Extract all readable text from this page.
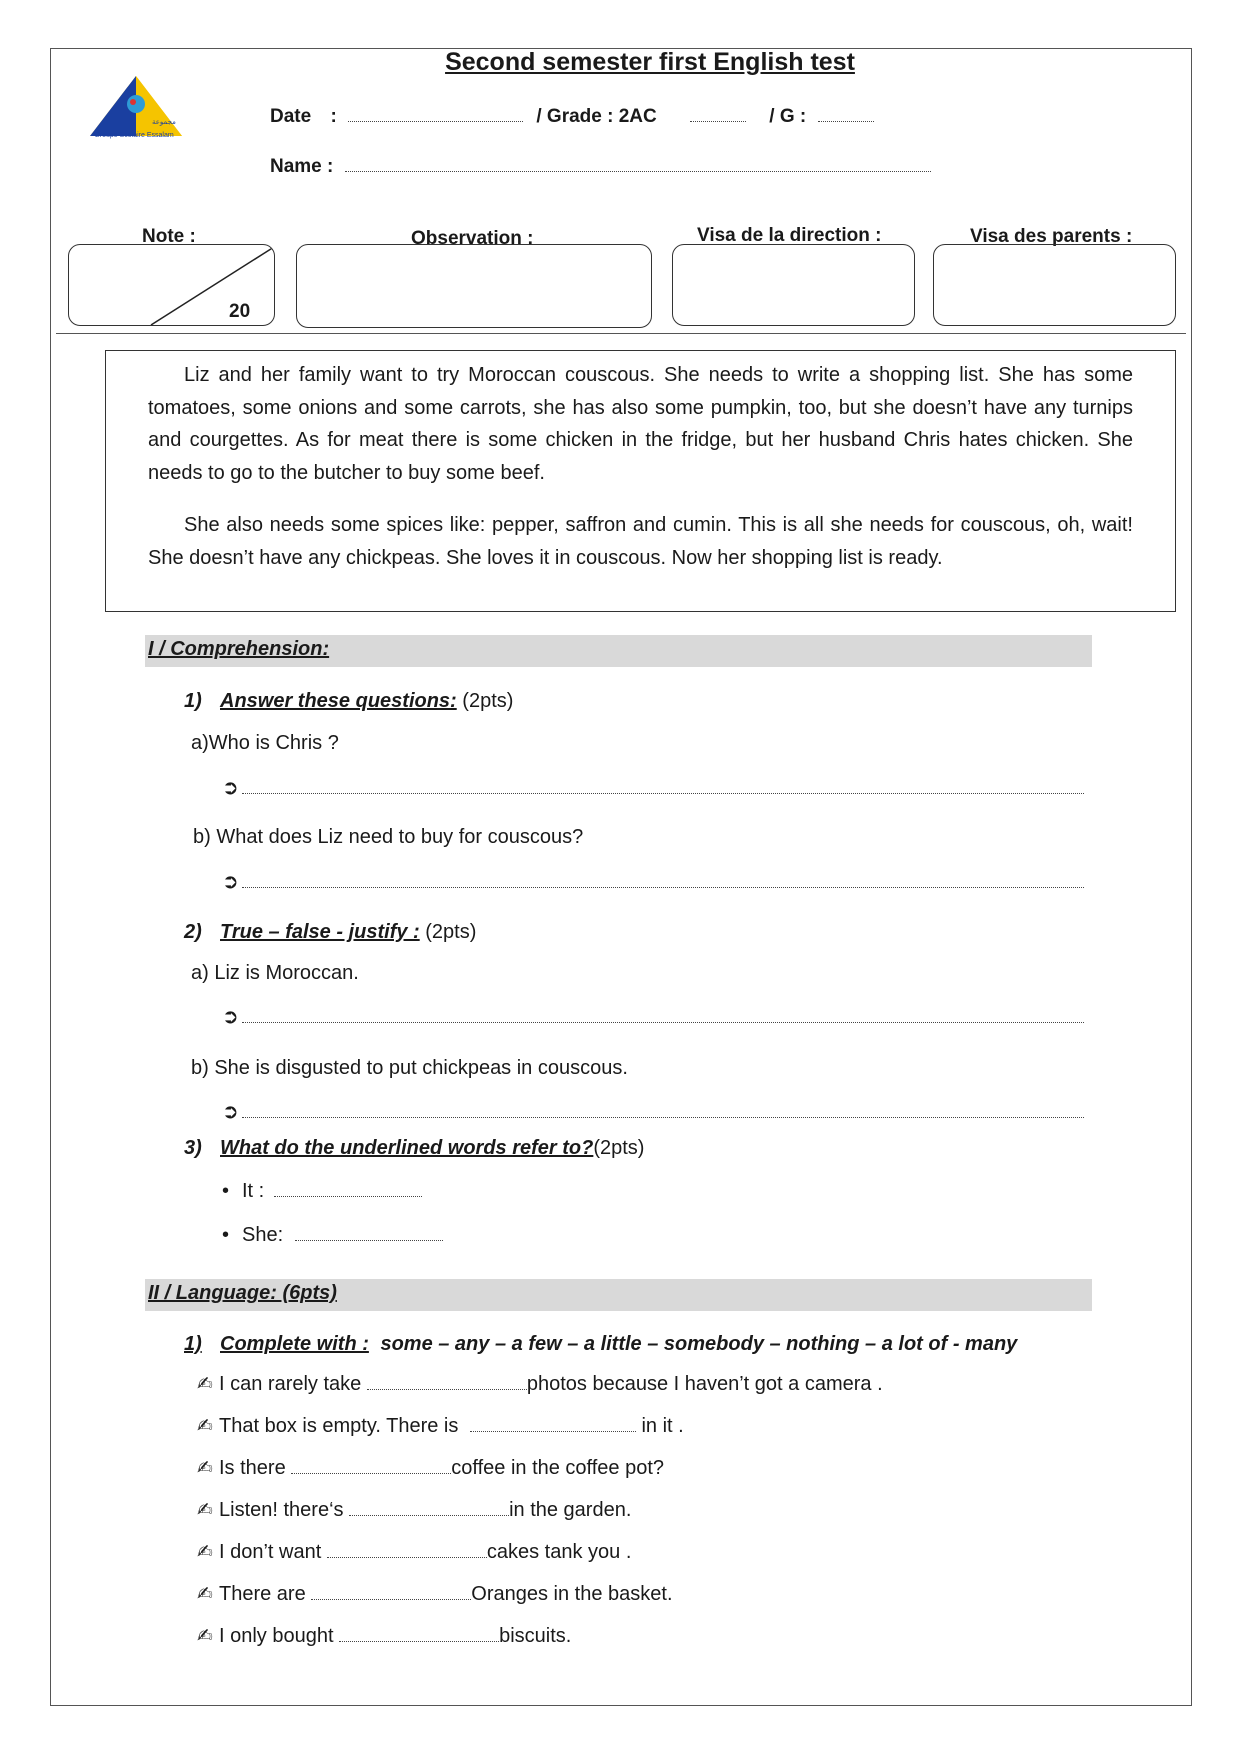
Second semester first English test
مجموعة
Groupe Scolaire Essalam
Date :	/ Grade : 2AC	/ G :
Name :
Note :	Observation :	Visa de la direction :	Visa des parents :
20

Liz and her family want to try Moroccan couscous. She needs to write a shopping list. She has some tomatoes, some onions and some carrots, she has also some pumpkin, too, but she doesn’t have any turnips and courgettes. As for meat there is some chicken in the fridge, but her husband Chris hates chicken. She needs to go to the butcher to buy some beef.

She also needs some spices like: pepper, saffron and cumin. This is all she needs for couscous, oh, wait! She doesn’t have any chickpeas. She loves it in couscous. Now her shopping list is ready.

I / Comprehension:
1) Answer these questions: (2pts)
a)Who is Chris ?
➲
b) What does Liz need to buy for couscous?
➲
2) True – false - justify : (2pts)
a) Liz is Moroccan.
➲
b) She is disgusted to put chickpeas in couscous.
➲
3) What do the underlined words refer to?(2pts)
• It :
• She:
II / Language: (6pts)
1) Complete with : some – any – a few – a little – somebody – nothing – a lot of - many
✍ I can rarely take	photos because I haven’t got a camera .
✍ That box is empty. There is	in it .
✍ Is there	coffee in the coffee pot?
✍ Listen! there‘s	in the garden.
✍ I don’t want	cakes tank you .
✍ There are	Oranges in the basket.
✍ I only bought	biscuits.
